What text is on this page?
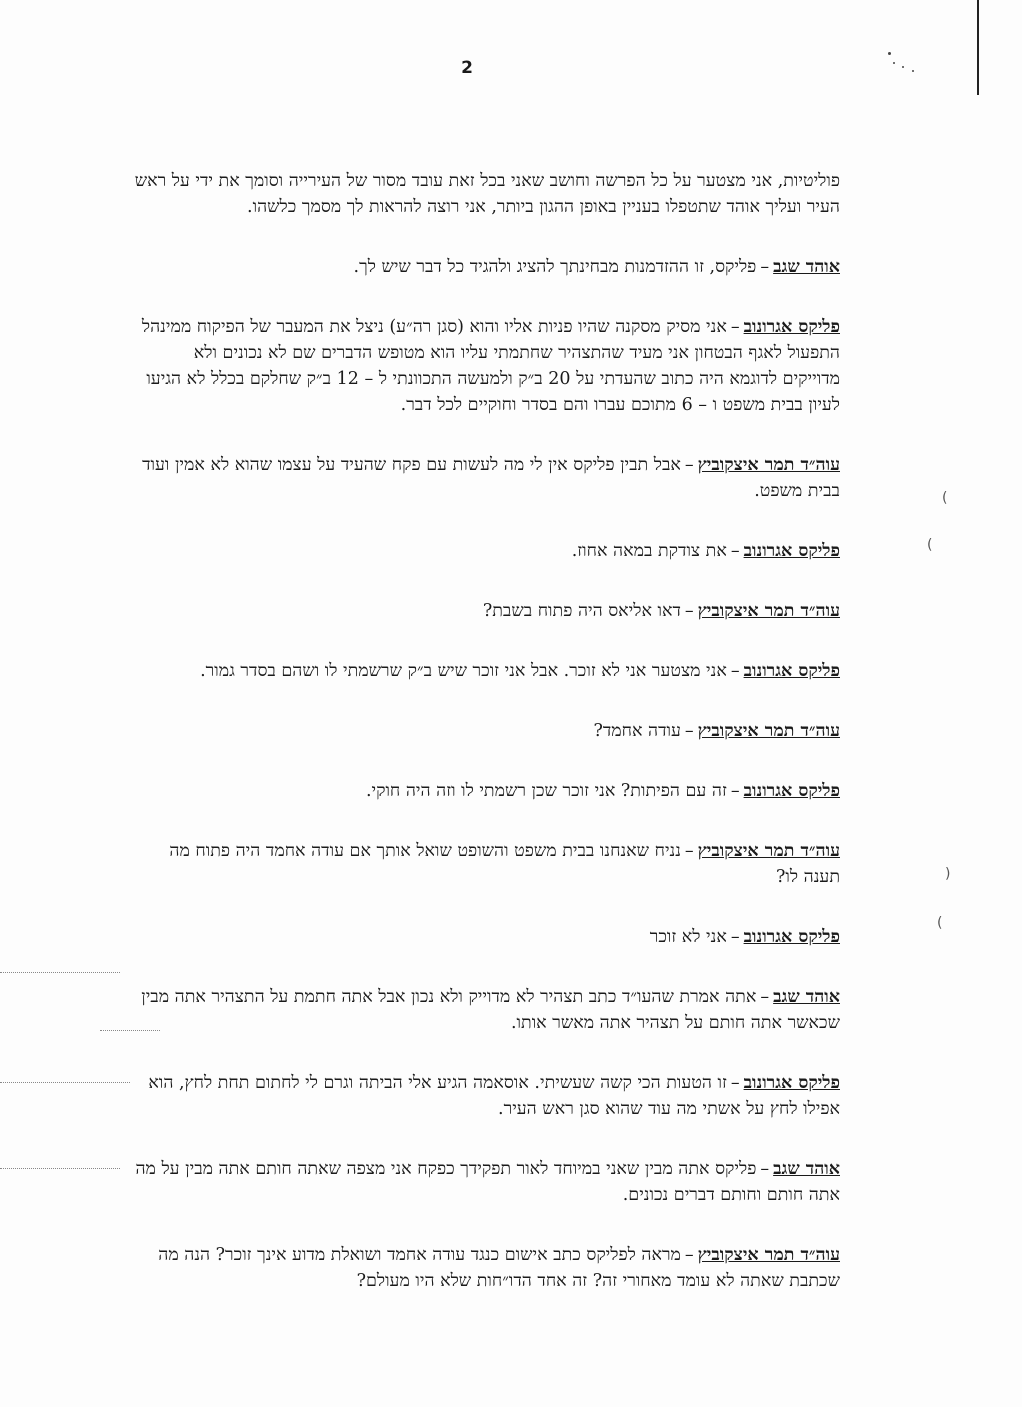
2
(
(
)
(

פוליטיות, אני מצטער על כל הפרשה וחושב שאני בכל זאת עובד מסור של העירייה וסומך את ידי על ראש העיר ועליך אוהד שתטפלו בעניין באופן ההגון ביותר, אני רוצה להראות לך מסמך כלשהו.

אוהד שגב–פליקס, זו ההזדמנות מבחינתך להציג ולהגיד כל דבר שיש לך.

פליקס אגרונוב–אני מסיק מסקנה שהיו פניות אליו והוא (סגן רה״ע) ניצל את המעבר של הפיקוח ממינהל התפעול לאגף הבטחון אני מעיד שהתצהיר שחתמתי עליו הוא מטופש הדברים שם לא נכונים ולא מדוייקים לדוגמא היה כתוב שהעדתי על 20 ב״ק ולמעשה התכוונתי ל – 12 ב״ק שחלקם בכלל לא הגיעו לעיון בבית משפט ו – 6 מתוכם עברו והם בסדר וחוקיים לכל דבר.

עוה״ד תמר איצקוביץ–אבל תבין פליקס אין לי מה לעשות עם פקח שהעיד על עצמו שהוא לא אמין ועוד בבית משפט.

פליקס אגרונוב–את צודקת במאה אחוז.

עוה״ד תמר איצקוביץ–דאו אליאס היה פתוח בשבת?

פליקס אגרונוב–אני מצטער אני לא זוכר. אבל אני זוכר שיש ב״ק שרשמתי לו ושהם בסדר גמור.

עוה״ד תמר איצקוביץ–עודה אחמד?

פליקס אגרונוב–זה עם הפיתות? אני זוכר שכן רשמתי לו וזה היה חוקי.

עוה״ד תמר איצקוביץ–נניח שאנחנו בבית משפט והשופט שואל אותך אם עודה אחמד היה פתוח מה תענה לו?

פליקס אגרונוב–אני לא זוכר

אוהד שגב–אתה אמרת שהעו״ד כתב תצהיר לא מדוייק ולא נכון אבל אתה חתמת על התצהיר אתה מבין שכאשר אתה חותם על תצהיר אתה מאשר אותו.

פליקס אגרונוב–זו הטעות הכי קשה שעשיתי. אוסאמה הגיע אלי הביתה וגרם לי לחתום תחת לחץ, הוא אפילו לחץ על אשתי מה עוד שהוא סגן ראש העיר.

אוהד שגב–פליקס אתה מבין שאני במיוחד לאור תפקידך כפקח אני מצפה שאתה חותם אתה מבין על מה אתה חותם וחותם דברים נכונים.

עוה״ד תמר איצקוביץ–מראה לפליקס כתב אישום כנגד עודה אחמד ושואלת מדוע אינך זוכר? הנה מה שכתבת שאתה לא עומד מאחורי זה? זה אחד הדו״חות שלא היו מעולם?
